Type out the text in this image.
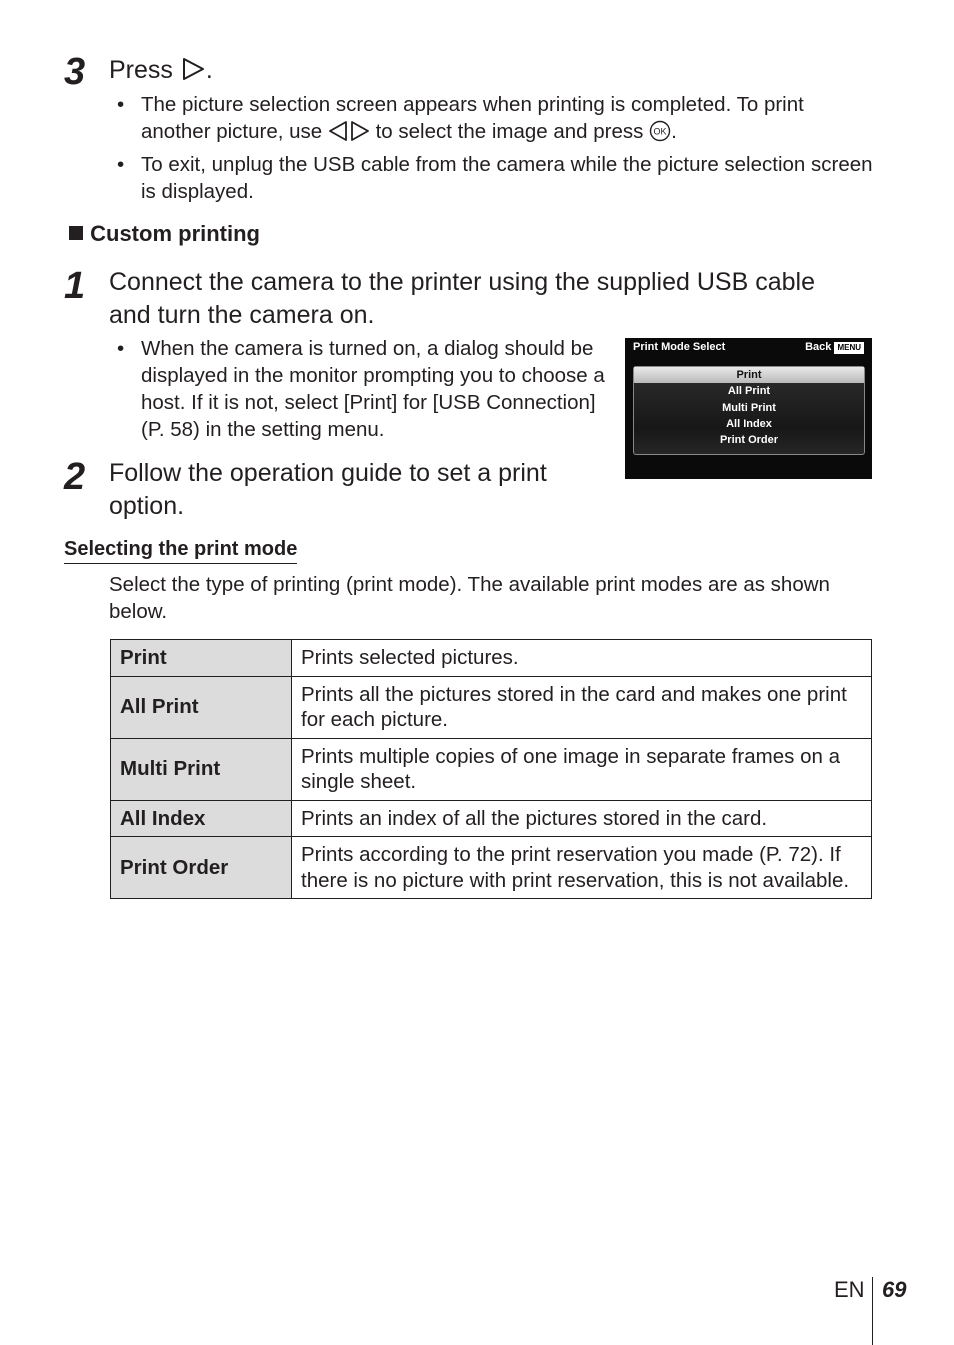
3 Press .
• The picture selection screen appears when printing is completed. To print another picture, use	to select the image and press OK .
• To exit, unplug the USB cable from the camera while the picture selection screen is displayed.
Custom printing
1 Connect the camera to the printer using the supplied USB cable and turn the camera on.
• When the camera is turned on, a dialog should be displayed in the monitor prompting you to choose a host. If it is not, select [Print] for [USB Connection] (P. 58) in the setting menu.
Print Mode Select	Back MENU
Print
All Print
Multi Print
All Index
Print Order
2 Follow the operation guide to set a print option.
Selecting the print mode
Select the type of printing (print mode). The available print modes are as shown below.
Print	Prints selected pictures.
All Print	Prints all the pictures stored in the card and makes one print for each picture.
Multi Print	Prints multiple copies of one image in separate frames on a single sheet.
All Index	Prints an index of all the pictures stored in the card.
Print Order	Prints according to the print reservation you made (P. 72). If there is no picture with print reservation, this is not available.
EN 69
